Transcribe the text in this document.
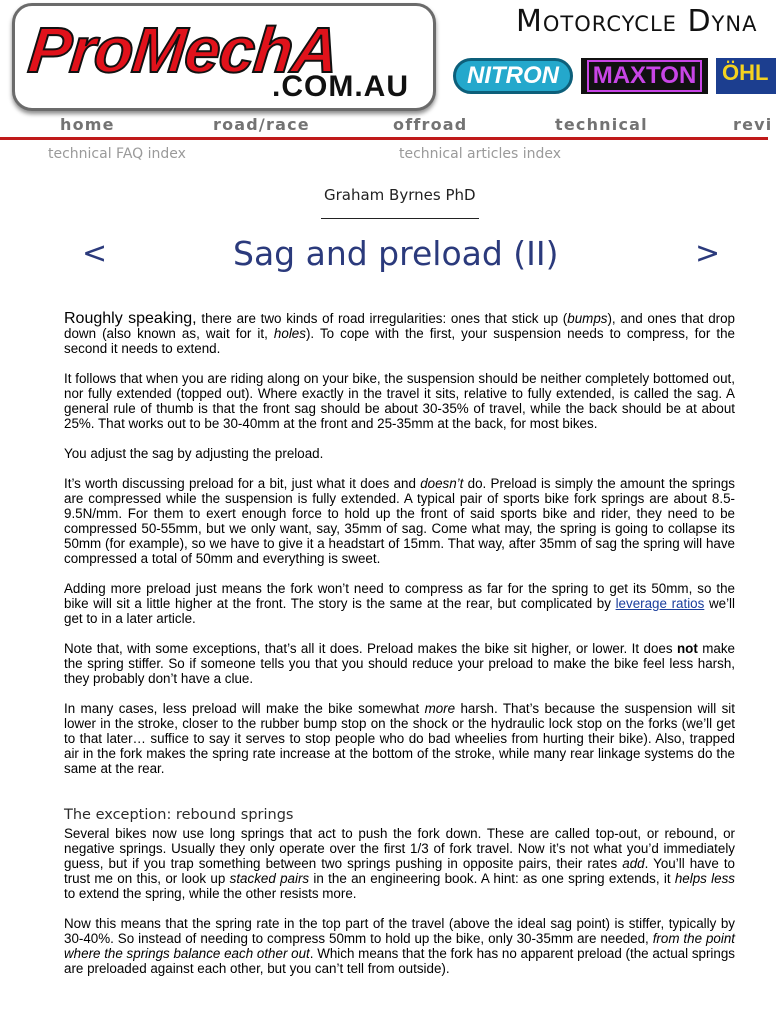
ProMechA
.COM.AU
Motorcycle Dyna
NITRON	MAXTON ÖHL
home	road/race	offroad	technical	revi
technical FAQ index	technical articles index
Graham Byrnes PhD
<	Sag and preload (II)	>

Roughly speaking, there are two kinds of road irregularities: ones that stick up (bumps), and ones that drop down (also known as, wait for it, holes). To cope with the first, your suspension needs to compress, for the second it needs to extend.

It follows that when you are riding along on your bike, the suspension should be neither completely bottomed out, nor fully extended (topped out). Where exactly in the travel it sits, relative to fully extended, is called the sag. A general rule of thumb is that the front sag should be about 30-35% of travel, while the back should be at about 25%. That works out to be 30-40mm at the front and 25-35mm at the back, for most bikes.

You adjust the sag by adjusting the preload.

It’s worth discussing preload for a bit, just what it does and doesn’t do. Preload is simply the amount the springs are compressed while the suspension is fully extended. A typical pair of sports bike fork springs are about 8.5-9.5N/mm. For them to exert enough force to hold up the front of said sports bike and rider, they need to be compressed 50-55mm, but we only want, say, 35mm of sag. Come what may, the spring is going to collapse its 50mm (for example), so we have to give it a headstart of 15mm. That way, after 35mm of sag the spring will have compressed a total of 50mm and everything is sweet.

Adding more preload just means the fork won’t need to compress as far for the spring to get its 50mm, so the bike will sit a little higher at the front. The story is the same at the rear, but complicated by leverage ratios we’ll get to in a later article.

Note that, with some exceptions, that’s all it does. Preload makes the bike sit higher, or lower. It does not make the spring stiffer. So if someone tells you that you should reduce your preload to make the bike feel less harsh, they probably don’t have a clue.

In many cases, less preload will make the bike somewhat more harsh. That’s because the suspension will sit lower in the stroke, closer to the rubber bump stop on the shock or the hydraulic lock stop on the forks (we’ll get to that later… suffice to say it serves to stop people who do bad wheelies from hurting their bike). Also, trapped air in the fork makes the spring rate increase at the bottom of the stroke, while many rear linkage systems do the same at the rear.

The exception: rebound springs

Several bikes now use long springs that act to push the fork down. These are called top-out, or rebound, or negative springs. Usually they only operate over the first 1/3 of fork travel. Now it’s not what you’d immediately guess, but if you trap something between two springs pushing in opposite pairs, their rates add. You’ll have to trust me on this, or look up stacked pairs in the an engineering book. A hint: as one spring extends, it helps less to extend the spring, while the other resists more.

Now this means that the spring rate in the top part of the travel (above the ideal sag point) is stiffer, typically by 30-40%. So instead of needing to compress 50mm to hold up the bike, only 30-35mm are needed, from the point where the springs balance each other out. Which means that the fork has no apparent preload (the actual springs are preloaded against each other, but you can’t tell from outside).
